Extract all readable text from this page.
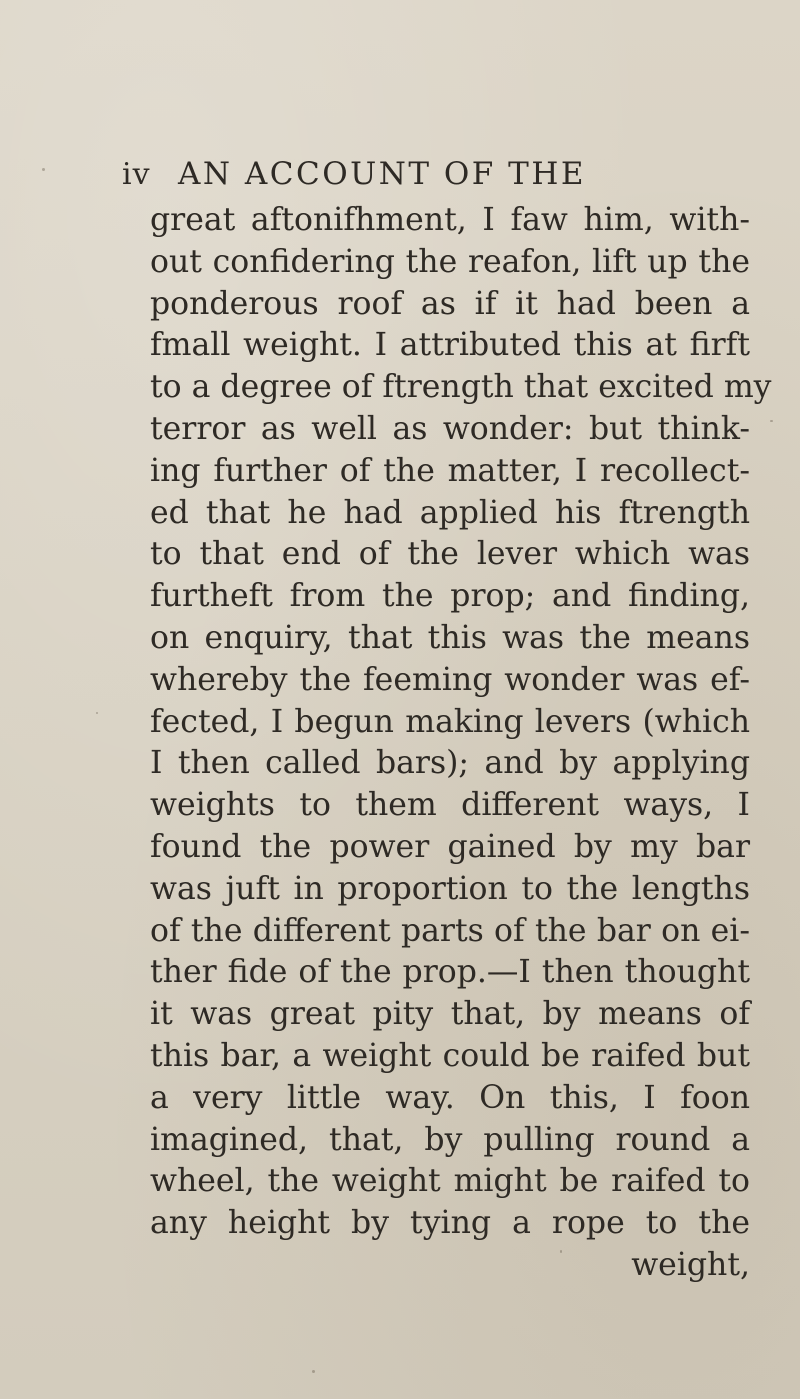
iv AN ACCOUNT OF THE
great aftonifhment, I faw him, with-
out confidering the reafon, lift up the
ponderous roof as if it had been a
fmall weight. I attributed this at firft
to a degree of ftrength that excited my
terror as well as wonder: but think-
ing further of the matter, I recollect-
ed that he had applied his ftrength
to that end of the lever which was
furtheft from the prop; and finding,
on enquiry, that this was the means
whereby the feeming wonder was ef-
fected, I begun making levers (which
I then called bars); and by applying
weights to them different ways, I
found the power gained by my bar
was juft in proportion to the lengths
of the different parts of the bar on ei-
ther fide of the prop.—I then thought
it was great pity that, by means of
this bar, a weight could be raifed but
a very little way. On this, I foon
imagined, that, by pulling round a
wheel, the weight might be raifed to
any height by tying a rope to the
weight,
